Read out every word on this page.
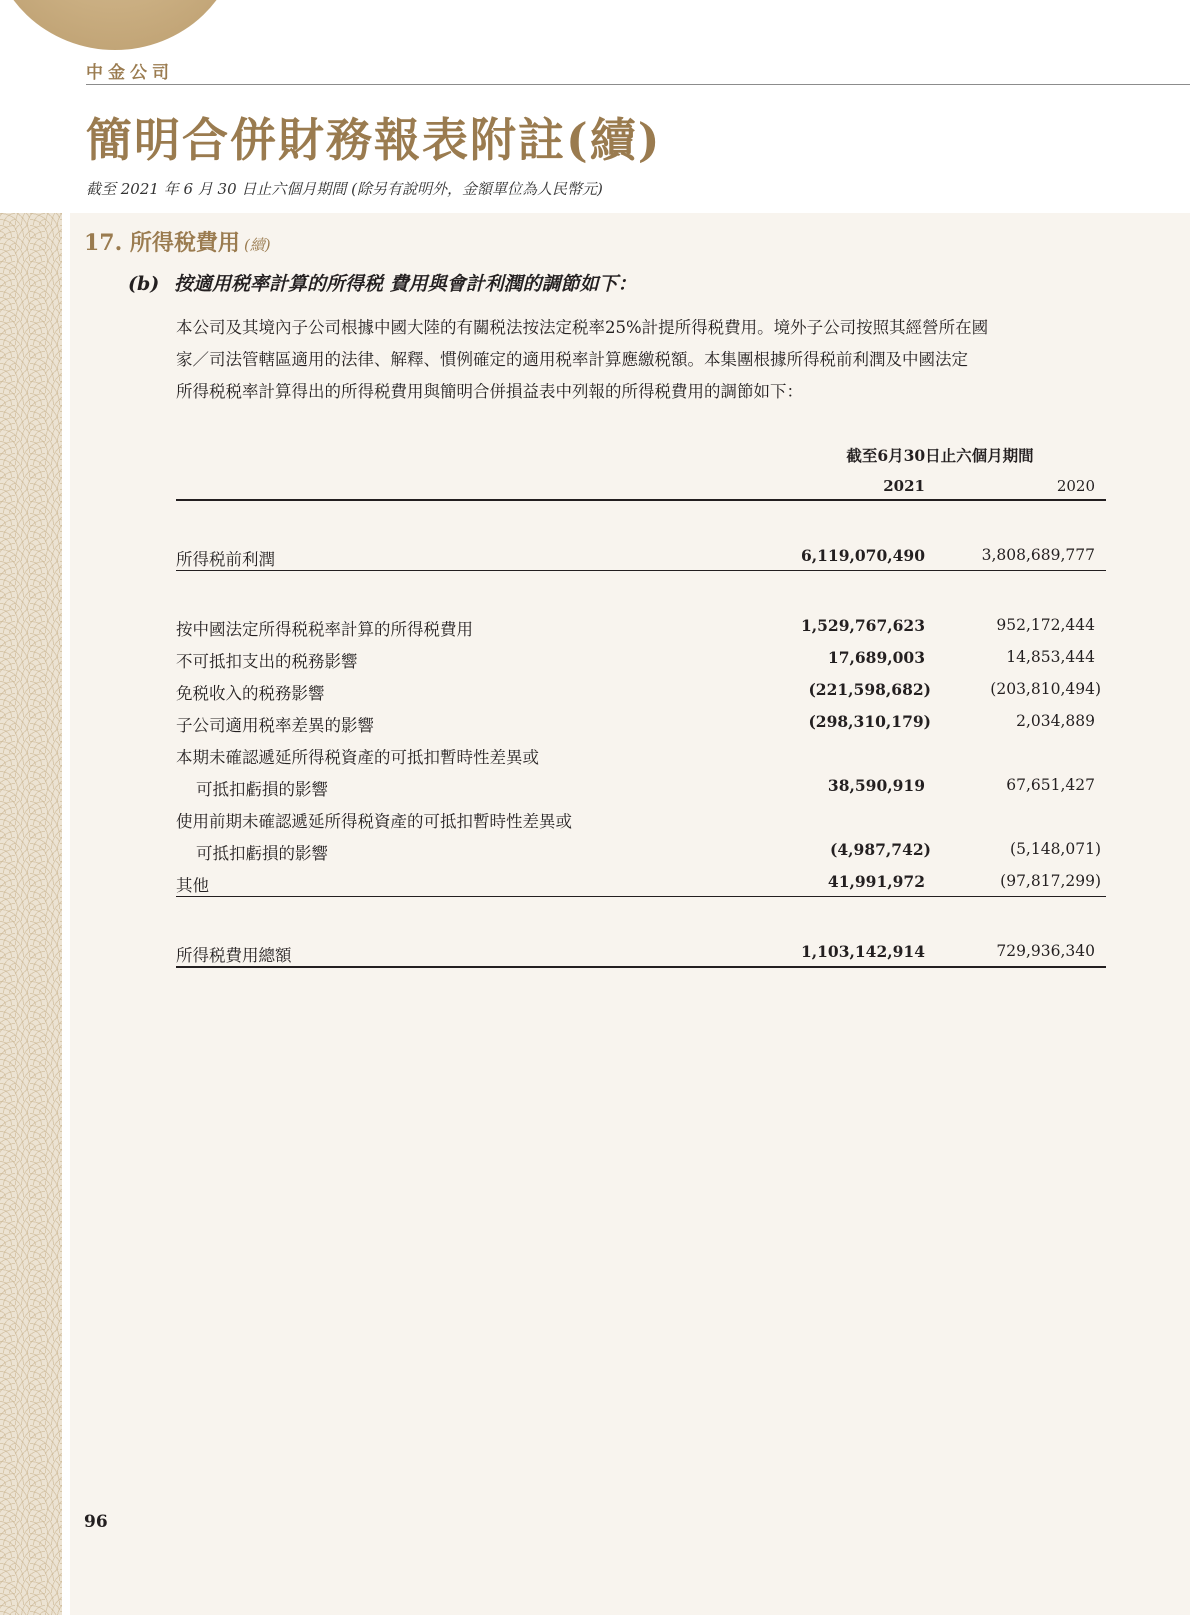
中金公司
簡明合併財務報表附註(續)
截至 2021 年 6 月 30 日止六個月期間 (除另有說明外，金額單位為人民幣元)
17. 所得稅費用 (續)
(b) 按適用税率計算的所得税 費用與會計利潤的調節如下：
本公司及其境內子公司根據中國大陸的有關税法按法定税率25%計提所得税費用。境外子公司按照其經營所在國
家／司法管轄區適用的法律、解釋、慣例確定的適用税率計算應繳税額。本集團根據所得税前利潤及中國法定
所得税税率計算得出的所得税費用與簡明合併損益表中列報的所得税費用的調節如下：
截至6月30日止六個月期間
2021	2020
所得税前利潤	6,119,070,490	3,808,689,777
按中國法定所得税税率計算的所得税費用	1,529,767,623	952,172,444
不可抵扣支出的税務影響	17,689,003	14,853,444
免税收入的税務影響	(221,598,682)	(203,810,494)
子公司適用税率差異的影響	(298,310,179)	2,034,889
本期未確認遞延所得税資產的可抵扣暫時性差異或
可抵扣虧損的影響	38,590,919	67,651,427
使用前期未確認遞延所得税資產的可抵扣暫時性差異或
可抵扣虧損的影響	(4,987,742)	(5,148,071)
其他	41,991,972	(97,817,299)
所得税費用總額	1,103,142,914	729,936,340
96
